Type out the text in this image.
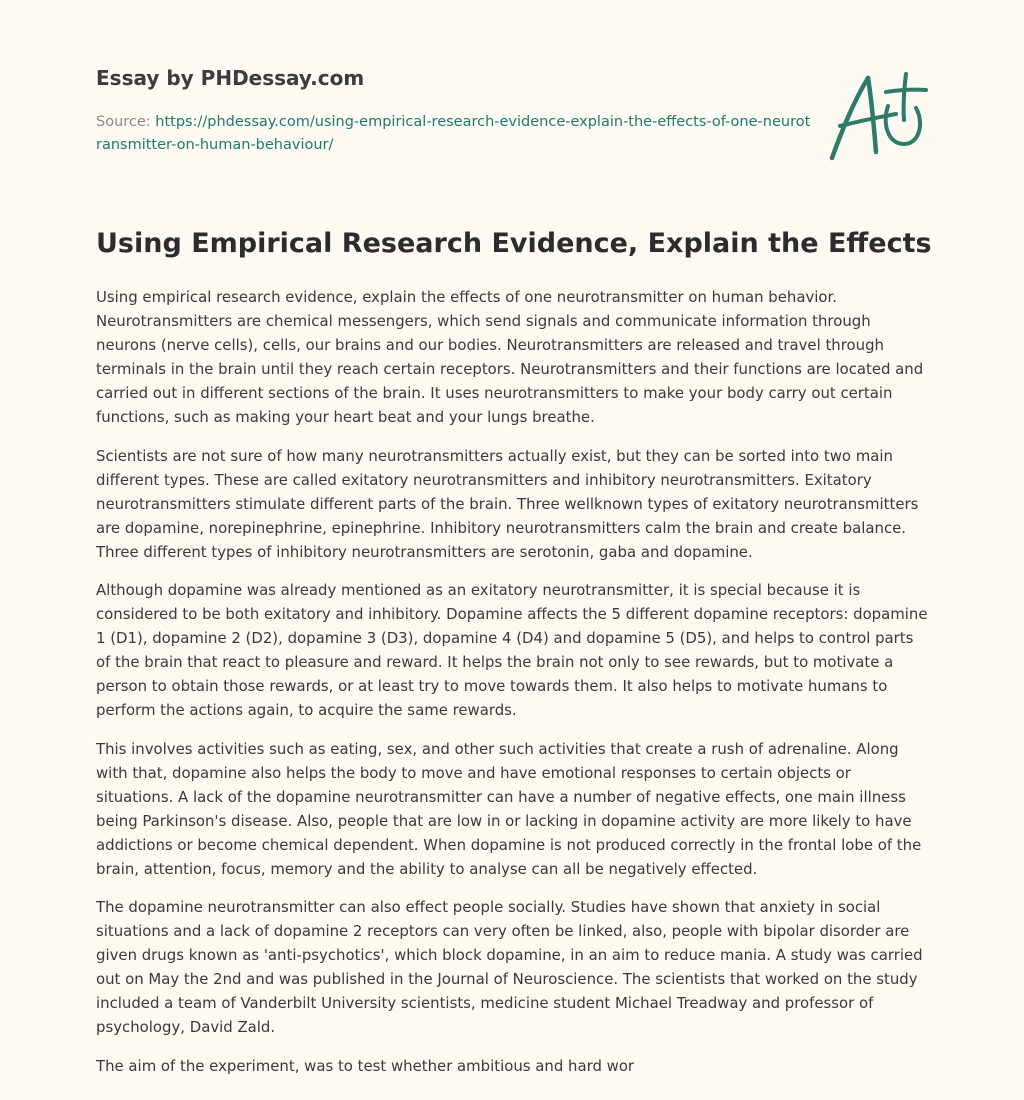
Essay by PHDessay.com
Source: https://phdessay.com/using-empirical-research-evidence-explain-the-effects-of-one-neurotransmitter-on-human-behaviour/
Using Empirical Research Evidence, Explain the Effects

Using empirical research evidence, explain the effects of one neurotransmitter on human behavior. Neurotransmitters are chemical messengers, which send signals and communicate information through neurons (nerve cells), cells, our brains and our bodies. Neurotransmitters are released and travel through terminals in the brain until they reach certain receptors. Neurotransmitters and their functions are located and carried out in different sections of the brain. It uses neurotransmitters to make your body carry out certain functions, such as making your heart beat and your lungs breathe.

Scientists are not sure of how many neurotransmitters actually exist, but they can be sorted into two main different types. These are called exitatory neurotransmitters and inhibitory neurotransmitters. Exitatory neurotransmitters stimulate different parts of the brain. Three wellknown types of exitatory neurotransmitters are dopamine, norepinephrine, epinephrine. Inhibitory neurotransmitters calm the brain and create balance. Three different types of inhibitory neurotransmitters are serotonin, gaba and dopamine.

Although dopamine was already mentioned as an exitatory neurotransmitter, it is special because it is considered to be both exitatory and inhibitory. Dopamine affects the 5 different dopamine receptors: dopamine 1 (D1), dopamine 2 (D2), dopamine 3 (D3), dopamine 4 (D4) and dopamine 5 (D5), and helps to control parts of the brain that react to pleasure and reward. It helps the brain not only to see rewards, but to motivate a person to obtain those rewards, or at least try to move towards them. It also helps to motivate humans to perform the actions again, to acquire the same rewards.

This involves activities such as eating, sex, and other such activities that create a rush of adrenaline. Along with that, dopamine also helps the body to move and have emotional responses to certain objects or situations. A lack of the dopamine neurotransmitter can have a number of negative effects, one main illness being Parkinson's disease. Also, people that are low in or lacking in dopamine activity are more likely to have addictions or become chemical dependent. When dopamine is not produced correctly in the frontal lobe of the brain, attention, focus, memory and the ability to analyse can all be negatively effected.

The dopamine neurotransmitter can also effect people socially. Studies have shown that anxiety in social situations and a lack of dopamine 2 receptors can very often be linked, also, people with bipolar disorder are given drugs known as 'anti-psychotics', which block dopamine, in an aim to reduce mania. A study was carried out on May the 2nd and was published in the Journal of Neuroscience. The scientists that worked on the study included a team of Vanderbilt University scientists, medicine student Michael Treadway and professor of psychology, David Zald.

The aim of the experiment, was to test whether ambitious and hard wor
